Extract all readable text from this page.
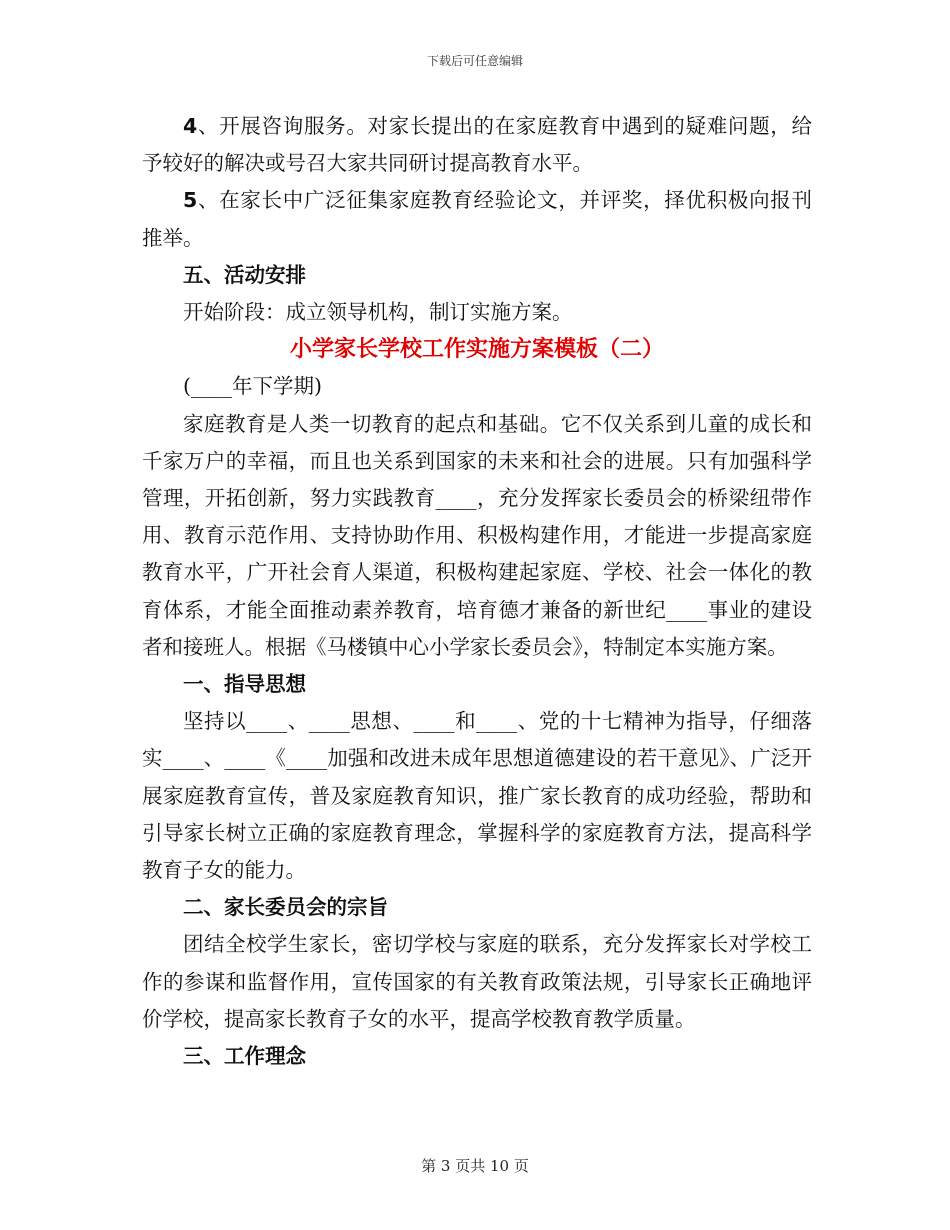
下载后可任意编辑

4、开展咨询服务。对家长提出的在家庭教育中遇到的疑难问题，给予较好的解决或号召大家共同研讨提高教育水平。

5、在家长中广泛征集家庭教育经验论文，并评奖，择优积极向报刊推举。

五、活动安排

开始阶段：成立领导机构，制订实施方案。

小学家长学校工作实施方案模板（二）

(____年下学期)

家庭教育是人类一切教育的起点和基础。它不仅关系到儿童的成长和千家万户的幸福，而且也关系到国家的未来和社会的进展。只有加强科学管理，开拓创新，努力实践教育____，充分发挥家长委员会的桥梁纽带作用、教育示范作用、支持协助作用、积极构建作用，才能进一步提高家庭教育水平，广开社会育人渠道，积极构建起家庭、学校、社会一体化的教育体系，才能全面推动素养教育，培育德才兼备的新世纪____事业的建设者和接班人。根据《马楼镇中心小学家长委员会》，特制定本实施方案。

一、指导思想

坚持以____、____思想、____和____、党的十七精神为指导，仔细落实____、____《____加强和改进未成年思想道德建设的若干意见》、广泛开展家庭教育宣传，普及家庭教育知识，推广家长教育的成功经验，帮助和引导家长树立正确的家庭教育理念，掌握科学的家庭教育方法，提高科学教育子女的能力。

二、家长委员会的宗旨

团结全校学生家长，密切学校与家庭的联系，充分发挥家长对学校工作的参谋和监督作用，宣传国家的有关教育政策法规，引导家长正确地评价学校，提高家长教育子女的水平，提高学校教育教学质量。

三、工作理念

第 3 页共 10 页
